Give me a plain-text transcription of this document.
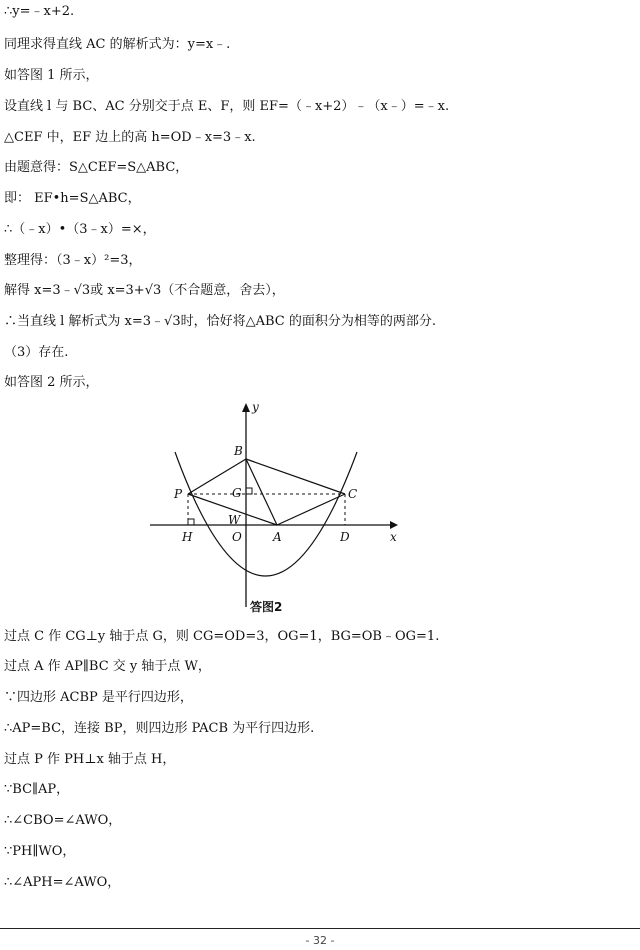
∴y=﹣x+2.
同理求得直线 AC 的解析式为：y=x﹣.
如答图 1 所示，
设直线 l 与 BC、AC 分别交于点 E、F，则 EF=（﹣x+2）﹣（x﹣）=﹣x.
△CEF 中，EF 边上的高 h=OD﹣x=3﹣x.
由题意得：S△CEF=S△ABC，
即： EF•h=S△ABC，
∴（﹣x）•（3﹣x）=×，
整理得：（3﹣x）²=3，
解得 x=3﹣√3或 x=3+√3（不合题意，舍去），
∴当直线 l 解析式为 x=3﹣√3时，恰好将△ABC 的面积分为相等的两部分.
（3）存在.
如答图 2 所示，
y
x
B
G
P	C
W
H	O	A	D
答图2
过点 C 作 CG⊥y 轴于点 G，则 CG=OD=3，OG=1，BG=OB﹣OG=1.
过点 A 作 AP∥BC 交 y 轴于点 W，
∵四边形 ACBP 是平行四边形，
∴AP=BC，连接 BP，则四边形 PACB 为平行四边形.
过点 P 作 PH⊥x 轴于点 H，
∵BC∥AP，
∴∠CBO=∠AWO，
∵PH∥WO，
∴∠APH=∠AWO，
- 32 -
